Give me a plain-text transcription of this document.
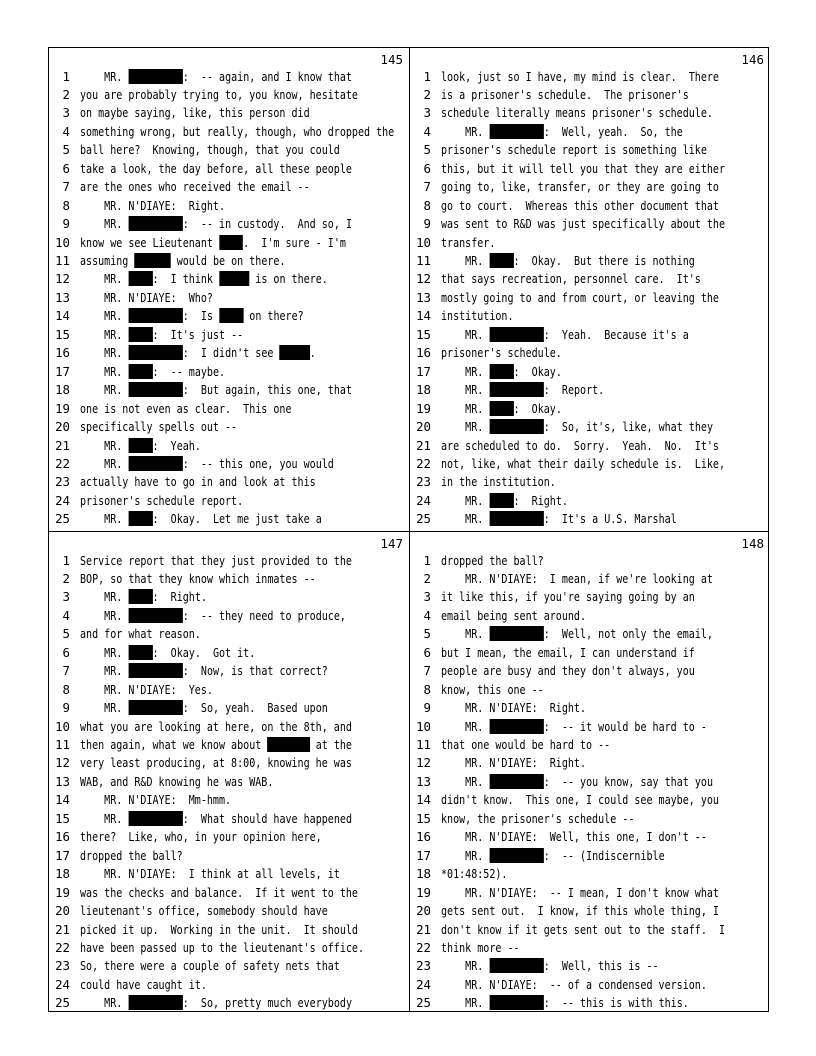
145
1 MR.	:  -- again, and I know that
2 you are probably trying to, you know, hesitate
3 on maybe saying, like, this person did
4 something wrong, but really, though, who dropped the
5 ball here?  Knowing, though, that you could
6 take a look, the day before, all these people
7 are the ones who received the email --
8 MR. N'DIAYE:  Right.
9 MR.	:  -- in custody.  And so, I
10 know we see Lieutenant .  I'm sure - I'm
11 assuming	would be on there.
12 MR. :  I think  is on there.
13 MR. N'DIAYE:  Who?
14 MR.	:  Is  on there?
15 MR. :  It's just --
16 MR.	:  I didn't see .
17 MR. :  -- maybe.
18 MR.	:  But again, this one, that
19 one is not even as clear.  This one
20 specifically spells out --
21 MR. :  Yeah.
22 MR.	:  -- this one, you would
23 actually have to go in and look at this
24 prisoner's schedule report.
25 MR. :  Okay.  Let me just take a
146
1 look, just so I have, my mind is clear.  There
2 is a prisoner's schedule.  The prisoner's
3 schedule literally means prisoner's schedule.
4 MR.	:  Well, yeah.  So, the
5 prisoner's schedule report is something like
6 this, but it will tell you that they are either
7 going to, like, transfer, or they are going to
8 go to court.  Whereas this other document that
9 was sent to R&D was just specifically about the
10 transfer.
11 MR. :  Okay.  But there is nothing
12 that says recreation, personnel care.  It's
13 mostly going to and from court, or leaving the
14 institution.
15 MR.	:  Yeah.  Because it's a
16 prisoner's schedule.
17 MR. :  Okay.
18 MR.	:  Report.
19 MR. :  Okay.
20 MR.	:  So, it's, like, what they
21 are scheduled to do.  Sorry.  Yeah.  No.  It's
22 not, like, what their daily schedule is.  Like,
23 in the institution.
24 MR. :  Right.
25 MR.	:  It's a U.S. Marshal
147
1 Service report that they just provided to the
2 BOP, so that they know which inmates --
3 MR. :  Right.
4 MR.	:  -- they need to produce,
5 and for what reason.
6 MR. :  Okay.  Got it.
7 MR.	:  Now, is that correct?
8 MR. N'DIAYE:  Yes.
9 MR.	:  So, yeah.  Based upon
10 what you are looking at here, on the 8th, and
11 then again, what we know about	at the
12 very least producing, at 8:00, knowing he was
13 WAB, and R&D knowing he was WAB.
14 MR. N'DIAYE:  Mm-hmm.
15 MR.	:  What should have happened
16 there?  Like, who, in your opinion here,
17 dropped the ball?
18 MR. N'DIAYE:  I think at all levels, it
19 was the checks and balance.  If it went to the
20 lieutenant's office, somebody should have
21 picked it up.  Working in the unit.  It should
22 have been passed up to the lieutenant's office.
23 So, there were a couple of safety nets that
24 could have caught it.
25 MR.	:  So, pretty much everybody
148
1 dropped the ball?
2 MR. N'DIAYE:  I mean, if we're looking at
3 it like this, if you're saying going by an
4 email being sent around.
5 MR.	:  Well, not only the email,
6 but I mean, the email, I can understand if
7 people are busy and they don't always, you
8 know, this one --
9 MR. N'DIAYE:  Right.
10 MR.	:  -- it would be hard to -
11 that one would be hard to --
12 MR. N'DIAYE:  Right.
13 MR.	:  -- you know, say that you
14 didn't know.  This one, I could see maybe, you
15 know, the prisoner's schedule --
16 MR. N'DIAYE:  Well, this one, I don't --
17 MR.	:  -- (Indiscernible
18 *01:48:52).
19 MR. N'DIAYE:  -- I mean, I don't know what
20 gets sent out.  I know, if this whole thing, I
21 don't know if it gets sent out to the staff.  I
22 think more --
23 MR.	:  Well, this is --
24 MR. N'DIAYE:  -- of a condensed version.
25 MR.	:  -- this is with this.
